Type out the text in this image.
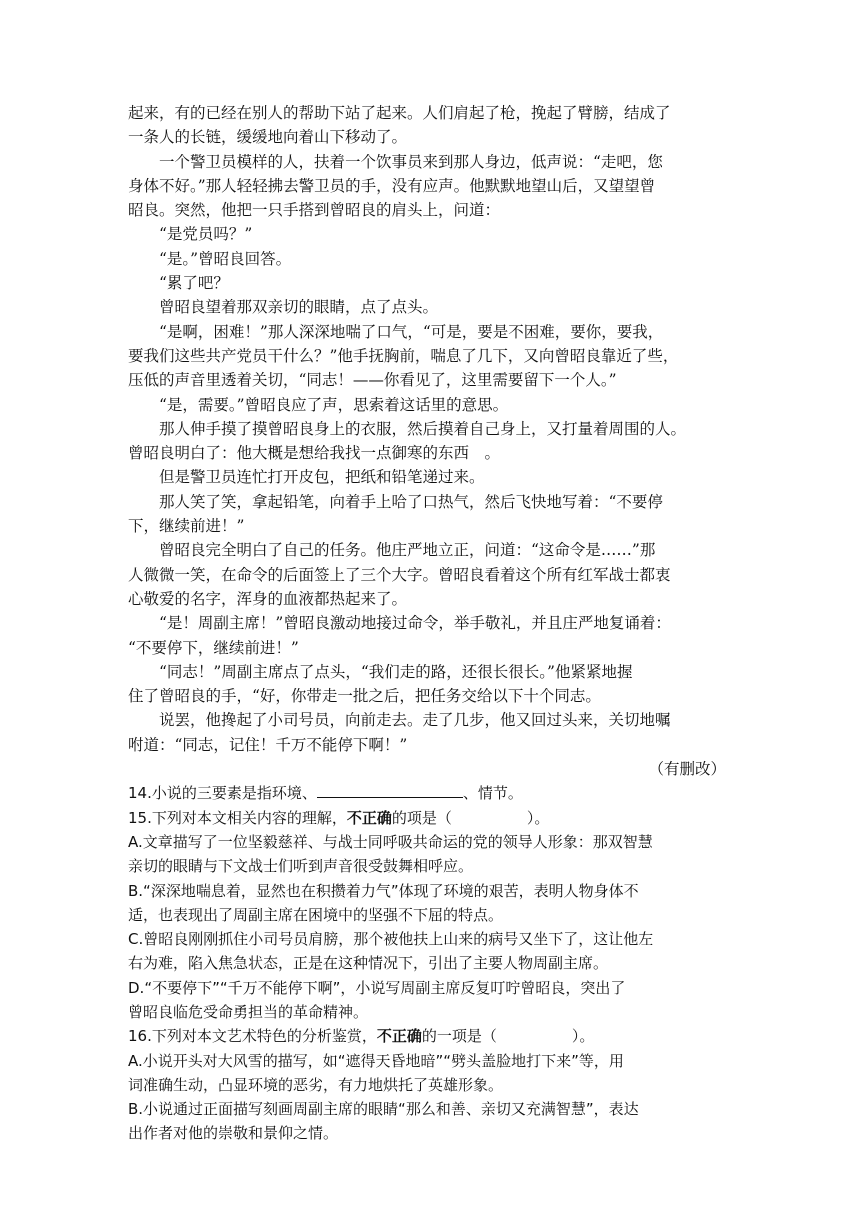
起来，有的已经在别人的帮助下站了起来。人们肩起了枪，挽起了臂膀，结成了
一条人的长链，缓缓地向着山下移动了。
一个警卫员模样的人，扶着一个饮事员来到那人身边，低声说：“走吧，您
身体不好。”那人轻轻拂去警卫员的手，没有应声。他默默地望山后，又望望曾
昭良。突然，他把一只手搭到曾昭良的肩头上，问道：
“是党员吗？”
“是。”曾昭良回答。
“累了吧？
曾昭良望着那双亲切的眼睛，点了点头。
“是啊，困难！”那人深深地喘了口气，“可是，要是不困难，要你，要我，
要我们这些共产党员干什么？”他手抚胸前，喘息了几下，又向曾昭良靠近了些，
压低的声音里透着关切，“同志！——你看见了，这里需要留下一个人。”
“是，需要。”曾昭良应了声，思索着这话里的意思。
那人伸手摸了摸曾昭良身上的衣服，然后摸着自己身上，又打量着周围的人。
曾昭良明白了：他大概是想给我找一点御寒的东西　。
但是警卫员连忙打开皮包，把纸和铅笔递过来。
那人笑了笑，拿起铅笔，向着手上哈了口热气，然后飞快地写着：“不要停
下，继续前进！”
曾昭良完全明白了自己的任务。他庄严地立正，问道：“这命令是……”那
人微微一笑，在命令的后面签上了三个大字。曾昭良看着这个所有红军战士都衷
心敬爱的名字，浑身的血液都热起来了。
“是！周副主席！”曾昭良激动地接过命令，举手敬礼，并且庄严地复诵着：
“不要停下，继续前进！”
“同志！”周副主席点了点头，“我们走的路，还很长很长。”他紧紧地握
住了曾昭良的手，“好，你带走一批之后，把任务交给以下十个同志。
说罢，他搀起了小司号员，向前走去。走了几步，他又回过头来，关切地嘱
咐道：“同志，记住！千万不能停下啊！”
（有删改）
14.小说的三要素是指环境、	、情节。
15.下列对本文相关内容的理解，不正确的项是（　　　　　）。
A.文章描写了一位坚毅慈祥、与战士同呼吸共命运的党的领导人形象：那双智慧
亲切的眼睛与下文战士们听到声音很受鼓舞相呼应。
B.“深深地喘息着，显然也在积攒着力气”体现了环境的艰苦，表明人物身体不
适，也表现出了周副主席在困境中的坚强不下屈的特点。
C.曾昭良刚刚抓住小司号员肩膀，那个被他扶上山来的病号又坐下了，这让他左
右为难，陷入焦急状态，正是在这种情况下，引出了主要人物周副主席。
D.“不要停下”“千万不能停下啊”，小说写周副主席反复叮咛曾昭良，突出了
曾昭良临危受命勇担当的革命精神。
16.下列对本文艺术特色的分析鉴赏，不正确的一项是（　　　　　）。
A.小说开头对大风雪的描写，如“遮得天昏地暗”“劈头盖脸地打下来”等，用
词准确生动，凸显环境的恶劣，有力地烘托了英雄形象。
B.小说通过正面描写刻画周副主席的眼睛“那么和善、亲切又充满智慧”，表达
出作者对他的崇敬和景仰之情。
